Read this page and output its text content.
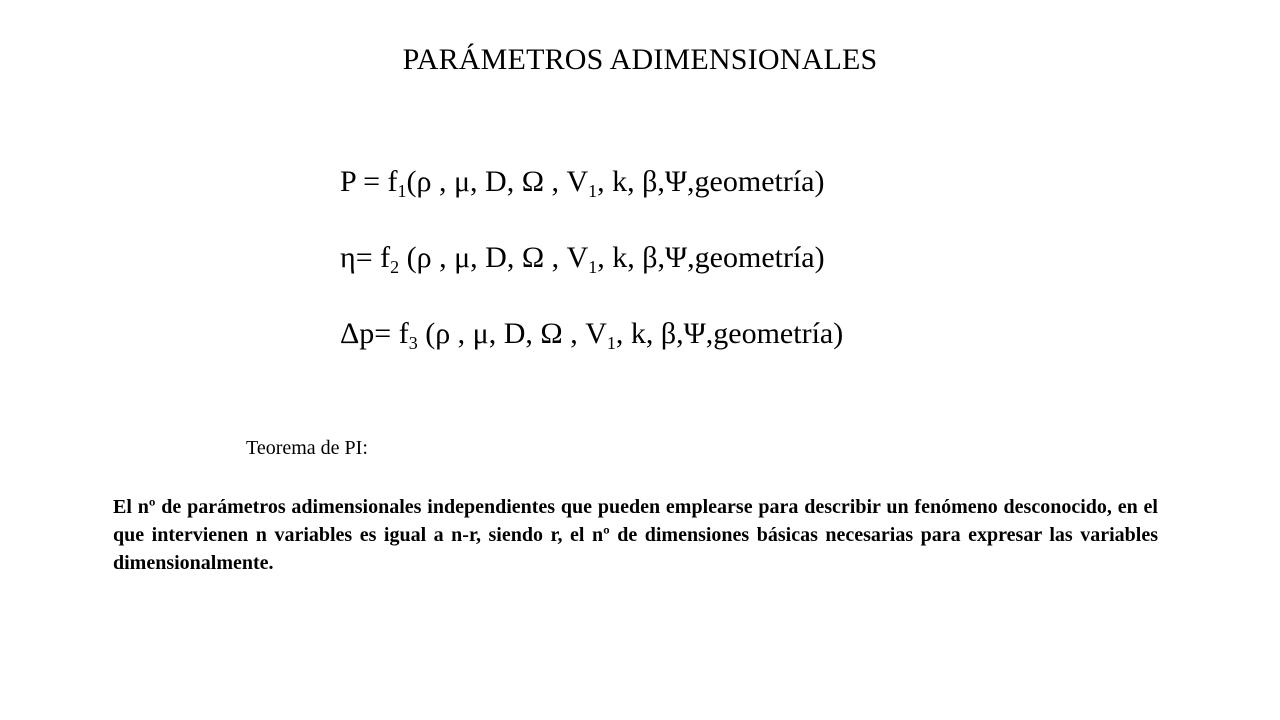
PARÁMETROS ADIMENSIONALES
$P = f_1(\rho$ , μ, D, Ω , $V_1$, k, β,Ψ,geometría)
$\eta= f_2$ (ρ , μ, D, Ω , $V_1$, k, β,Ψ,geometría)
$\Delta p= f_3$ (ρ , μ, D, Ω , $V_1$, k, β,Ψ,geometría)
Teorema de PI:
El nº de parámetros adimensionales independientes que pueden emplearse para describir un fenómeno desconocido, en el que intervienen n variables es igual a n-r, siendo r, el nº de dimensiones básicas necesarias para expresar las variables dimensionalmente.
